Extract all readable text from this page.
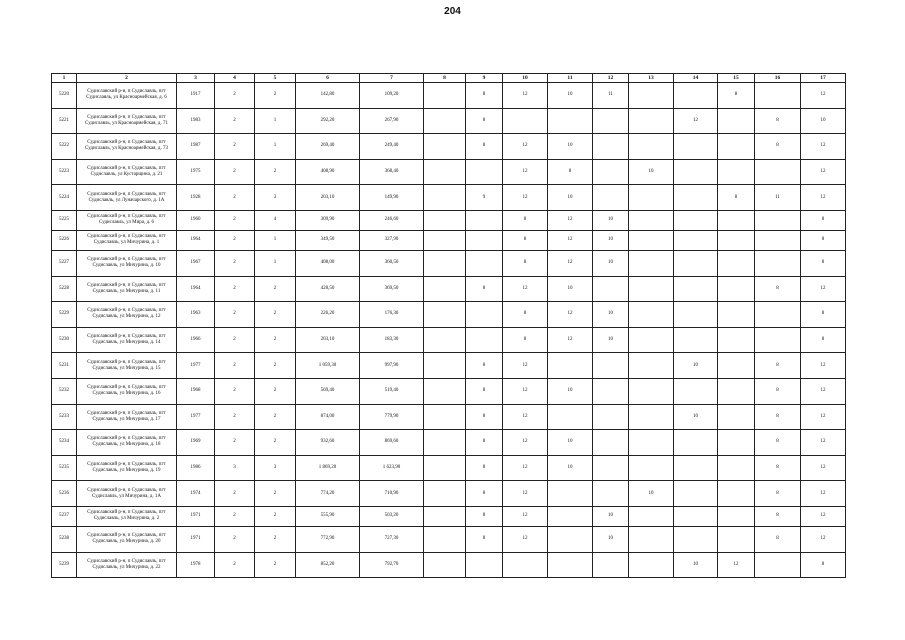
204
1	2	3	4	5	6	7	8	9	10	11	12	13	14	15	16	17
5220	Судиславский р-н, п Судиславль, пгт Судиславль, ул Красноармейская, д. 6	1917	2	2	142,80	109,20		8	12	10	11			8		12
5221	Судиславский р-н, п Судиславль, пгт Судиславль, ул Красноармейская, д. 71	1983	2	1	292,20	267,90		8					12		8	10
5222	Судиславский р-н, п Судиславль, пгт Судиславль, ул Красноармейская, д. 73	1987	2	1	269,40	249,40		8	12	10					8	12
5223	Судиславский р-н, п Судиславль, пгт Судиславль, ул Кустарщина, д. 21	1975	2	2	408,90	368,40			12	8		10				12
5224	Судиславский р-н, п Судиславль, пгт Судиславль, ул Луначарского, д. 1А	1928	2	3	203,10	149,90		9	12	10				8	11	12
5225	Судиславский р-н, п Судиславль, пгт Судиславль, ул Мира, д. 6	1960	2	4	309,90	246,60			8	12	10					8
5226	Судиславский р-н, п Судиславль, пгт Судиславль, ул Мичурина, д. 1	1964	2	1	349,50	327,90			8	12	10					8
5227	Судиславский р-н, п Судиславль, пгт Судиславль, ул Мичурина, д. 10	1967	2	1	408,00	360,50			8	12	10					8
5228	Судиславский р-н, п Судиславль, пгт Судиславль, ул Мичурина, д. 11	1964	2	2	428,50	369,50		8	12	10					8	12
5229	Судиславский р-н, п Судиславль, пгт Судиславль, ул Мичурина, д. 12	1963	2	2	226,20	176,30			8	12	10					8
5230	Судиславский р-н, п Судиславль, пгт Судиславль, ул Мичурина, д. 14	1966	2	2	203,10	183,30			8	12	10					8
5231	Судиславский р-н, п Судиславль, пгт Судиславль, ул Мичурина, д. 15	1977	2	2	1 059,30	997,90		8	12				10		8	12
5232	Судиславский р-н, п Судиславль, пгт Судиславль, ул Мичурина, д. 16	1968	2	2	569,40	519,40		8	12	10					8	12
5233	Судиславский р-н, п Судиславль, пгт Судиславль, ул Мичурина, д. 17	1977	2	2	874,00	779,90		8	12				10		8	12
5234	Судиславский р-н, п Судиславль, пгт Судиславль, ул Мичурина, д. 18	1969	2	2	932,60	869,60		8	12	10					8	12
5235	Судиславский р-н, п Судиславль, пгт Судиславль, ул Мичурина, д. 19	1986	3	3	1 869,20	1 623,90		8	12	10					8	12
5236	Судиславский р-н, п Судиславль, пгт Судиславль, ул Мичурина, д. 1А	1974	2	2	774,20	710,90		8	12			10			8	12
5237	Судиславский р-н, п Судиславль, пгт Судиславль, ул Мичурина, д. 2	1971	2	2	555,90	503,20		8	12		10				8	12
5238	Судиславский р-н, п Судиславль, пгт Судиславль, ул Мичурина, д. 20	1971	2	2	772,90	727,30		8	12		10				8	12
5239	Судиславский р-н, п Судиславль, пгт Судиславль, ул Мичурина, д. 22	1978	2	2	852,20	792,70							10	12		8
